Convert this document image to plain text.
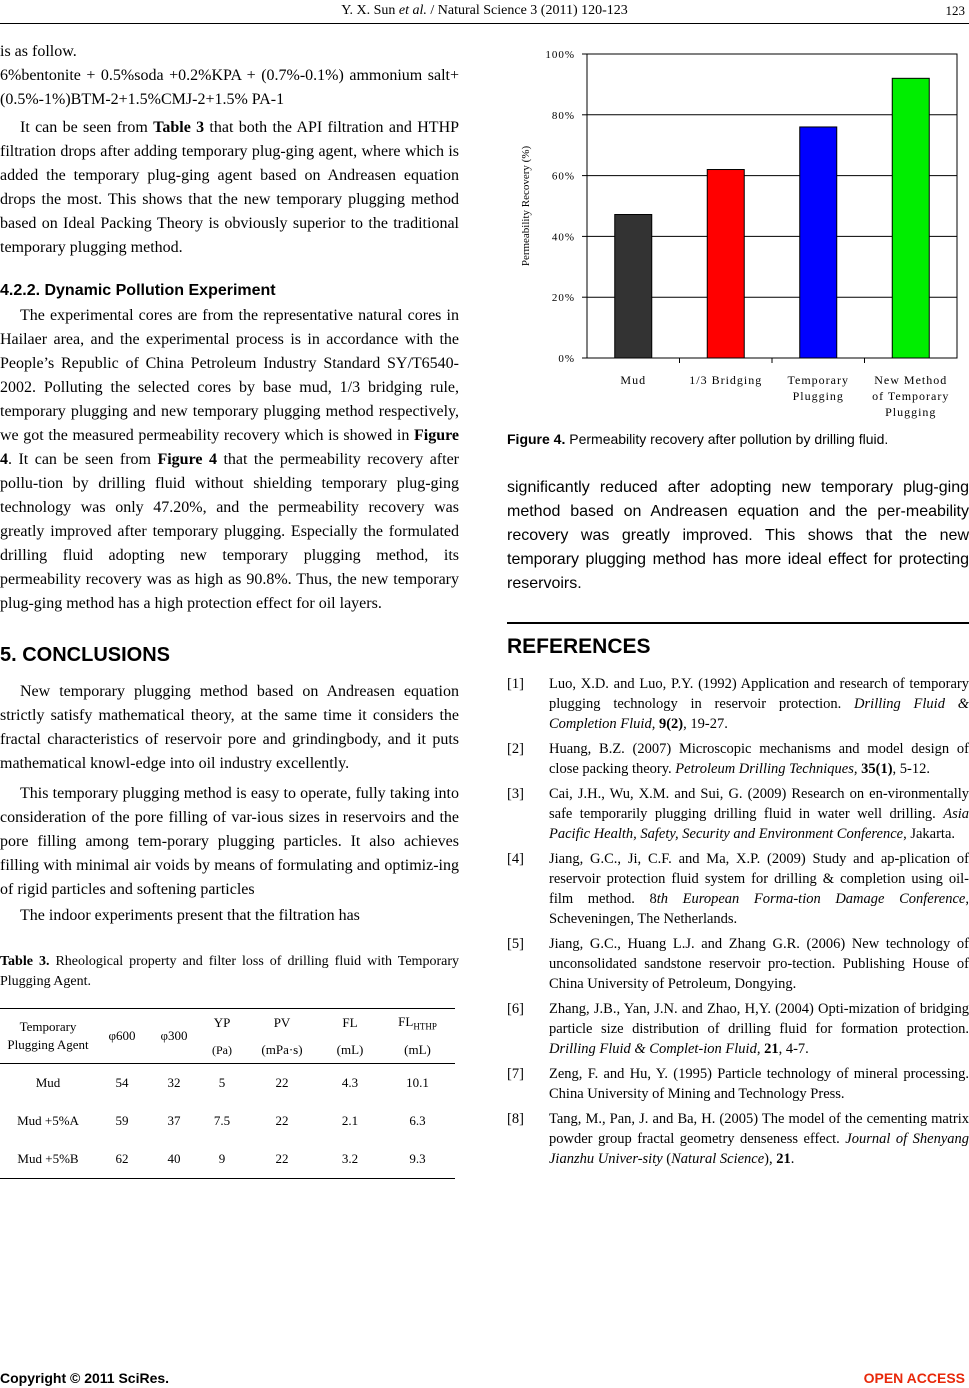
Y. X. Sun et al. / Natural Science 3 (2011) 120-123	123

is as follow.

6%bentonite + 0.5%soda +0.2%KPA + (0.7%-0.1%) ammonium salt+(0.5%-1%)BTM-2+1.5%CMJ-2+1.5% PA-1

It can be seen from Table 3 that both the API filtration and HTHP filtration drops after adding temporary plug-ging agent, where which is added the temporary plug-ging agent based on Andreasen equation drops the most. This shows that the new temporary plugging method based on Ideal Packing Theory is obviously superior to the traditional temporary plugging method.

4.2.2. Dynamic Pollution Experiment

The experimental cores are from the representative natural cores in Hailaer area, and the experimental process is in accordance with the People’s Republic of China Petroleum Industry Standard SY/T6540-2002. Polluting the selected cores by base mud, 1/3 bridging rule, temporary plugging and new temporary plugging method respectively, we got the measured permeability recovery which is showed in Figure 4. It can be seen from Figure 4 that the permeability recovery after pollu-tion by drilling fluid without shielding temporary plug-ging technology was only 47.20%, and the permeability recovery was greatly improved after temporary plugging. Especially the formulated drilling fluid adopting new temporary plugging method, its permeability recovery was as high as 90.8%. Thus, the new temporary plug-ging method has a high protection effect for oil layers.

5. CONCLUSIONS

New temporary plugging method based on Andreasen equation strictly satisfy mathematical theory, at the same time it considers the fractal characteristics of reservoir pore and grindingbody, and it puts mathematical knowl-edge into oil industry excellently.

This temporary plugging method is easy to operate, fully taking into consideration of the pore filling of var-ious sizes in reservoirs and the pore filling among tem-porary plugging particles. It also achieves filling with minimal air voids by means of formulating and optimiz-ing of rigid particles and softening particles

The indoor experiments present that the filtration has

Table 3. Rheological property and filter loss of drilling fluid with Temporary Plugging Agent.
Temporary Plugging Agent	φ600	φ300	YP	PV	FL	$FL_{HTHP}$
			(Pa)	(mPa·s)	(mL)	(mL)
Mud	54	32	5	22	4.3	10.1
Mud +5%A	59	37	7.5	22	2.1	6.3
Mud +5%B	62	40	9	22	3.2	9.3
0%
20%
40%
60%
80%
100%
Mud	1/3 Bridging Temporary
Plugging
New Method
of Temporary
Plugging
Permeability Recovery (%)

Figure 4. Permeability recovery after pollution by drilling fluid.

significantly reduced after adopting new temporary plug-ging method based on Andreasen equation and the per-meability recovery was greatly improved. This shows that the new temporary plugging method has more ideal effect for protecting reservoirs.

REFERENCES
[1] Luo, X.D. and Luo, P.Y. (1992) Application and research of temporary plugging technology in reservoir protection. Drilling Fluid & Completion Fluid, 9(2), 19-27.
[2] Huang, B.Z. (2007) Microscopic mechanisms and model design of close packing theory. Petroleum Drilling Techniques, 35(1), 5-12.
[3] Cai, J.H., Wu, X.M. and Sui, G. (2009) Research on en-vironmentally safe temporarily plugging drilling fluid in water well drilling. Asia Pacific Health, Safety, Security and Environment Conference, Jakarta.
[4] Jiang, G.C., Ji, C.F. and Ma, X.P. (2009) Study and ap-plication of reservoir protection fluid system for drilling & completion using oil-film method. 8th European Forma-tion Damage Conference, Scheveningen, The Netherlands.
[5] Jiang, G.C., Huang L.J. and Zhang G.R. (2006) New technology of unconsolidated sandstone reservoir pro-tection. Publishing House of China University of Petroleum, Dongying.
[6] Zhang, J.B., Yan, J.N. and Zhao, H,Y. (2004) Opti-mization of bridging particle size distribution of drilling fluid for formation protection. Drilling Fluid & Complet-ion Fluid, 21, 4-7.
[7] Zeng, F. and Hu, Y. (1995) Particle technology of mineral processing. China University of Mining and Technology Press.
[8] Tang, M., Pan, J. and Ba, H. (2005) The model of the cementing matrix powder group fractal geometry denseness effect. Journal of Shenyang Jianzhu Univer-sity (Natural Science), 21.
Copyright © 2011 SciRes.	OPEN ACCESS
